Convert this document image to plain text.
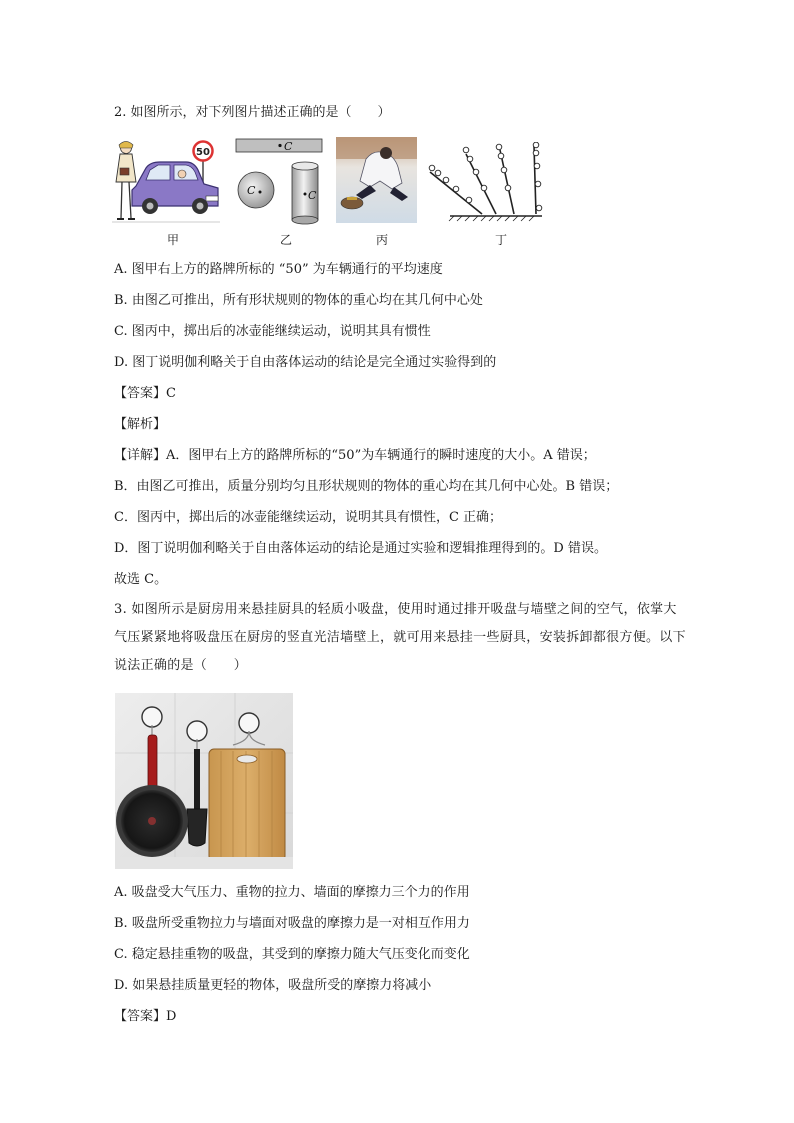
2. 如图所示，对下列图片描述正确的是（　　）
50
甲
C
C	C
乙	丙	丁
A. 图甲右上方的路牌所标的 “50” 为车辆通行的平均速度
B. 由图乙可推出，所有形状规则的物体的重心均在其几何中心处
C. 图丙中，掷出后的冰壶能继续运动，说明其具有惯性
D. 图丁说明伽利略关于自由落体运动的结论是完全通过实验得到的
【答案】C
【解析】
【详解】A．图甲右上方的路牌所标的“50”为车辆通行的瞬时速度的大小。A 错误；
B．由图乙可推出，质量分别均匀且形状规则的物体的重心均在其几何中心处。B 错误；
C．图丙中，掷出后的冰壶能继续运动，说明其具有惯性，C 正确；
D．图丁说明伽利略关于自由落体运动的结论是通过实验和逻辑推理得到的。D 错误。
故选 C。
3. 如图所示是厨房用来悬挂厨具的轻质小吸盘，使用时通过排开吸盘与墙壁之间的空气，依掌大气压紧紧地将吸盘压在厨房的竖直光洁墙壁上，就可用来悬挂一些厨具，安装拆卸都很方便。以下说法正确的是（　　）
A. 吸盘受大气压力、重物的拉力、墙面的摩擦力三个力的作用
B. 吸盘所受重物拉力与墙面对吸盘的摩擦力是一对相互作用力
C. 稳定悬挂重物的吸盘，其受到的摩擦力随大气压变化而变化
D. 如果悬挂质量更轻的物体，吸盘所受的摩擦力将减小
【答案】D
